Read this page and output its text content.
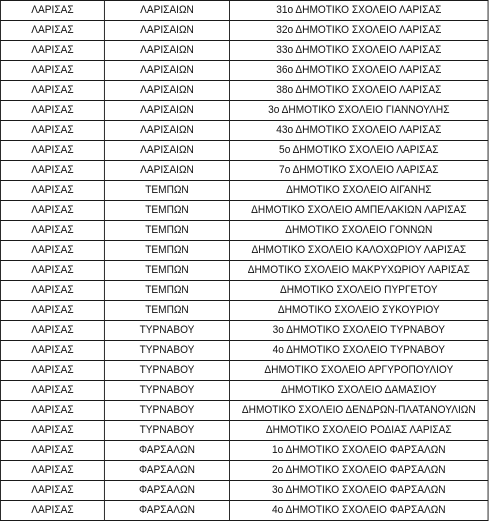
ΛΑΡΙΣΑΣ	ΛΑΡΙΣΑΙΩΝ	31ο ΔΗΜΟΤΙΚΟ ΣΧΟΛΕΙΟ ΛΑΡΙΣΑΣ
ΛΑΡΙΣΑΣ	ΛΑΡΙΣΑΙΩΝ	32ο ΔΗΜΟΤΙΚΟ ΣΧΟΛΕΙΟ ΛΑΡΙΣΑΣ
ΛΑΡΙΣΑΣ	ΛΑΡΙΣΑΙΩΝ	33ο ΔΗΜΟΤΙΚΟ ΣΧΟΛΕΙΟ ΛΑΡΙΣΑΣ
ΛΑΡΙΣΑΣ	ΛΑΡΙΣΑΙΩΝ	36ο ΔΗΜΟΤΙΚΟ ΣΧΟΛΕΙΟ ΛΑΡΙΣΑΣ
ΛΑΡΙΣΑΣ	ΛΑΡΙΣΑΙΩΝ	38ο ΔΗΜΟΤΙΚΟ ΣΧΟΛΕΙΟ ΛΑΡΙΣΑΣ
ΛΑΡΙΣΑΣ	ΛΑΡΙΣΑΙΩΝ	3ο ΔΗΜΟΤΙΚΟ ΣΧΟΛΕΙΟ ΓΙΑΝΝΟΥΛΗΣ
ΛΑΡΙΣΑΣ	ΛΑΡΙΣΑΙΩΝ	43ο ΔΗΜΟΤΙΚΟ ΣΧΟΛΕΙΟ ΛΑΡΙΣΑΣ
ΛΑΡΙΣΑΣ	ΛΑΡΙΣΑΙΩΝ	5ο ΔΗΜΟΤΙΚΟ ΣΧΟΛΕΙΟ ΛΑΡΙΣΑΣ
ΛΑΡΙΣΑΣ	ΛΑΡΙΣΑΙΩΝ	7ο ΔΗΜΟΤΙΚΟ ΣΧΟΛΕΙΟ ΛΑΡΙΣΑΣ
ΛΑΡΙΣΑΣ	ΤΕΜΠΩΝ	ΔΗΜΟΤΙΚΟ ΣΧΟΛΕΙΟ ΑΙΓΑΝΗΣ
ΛΑΡΙΣΑΣ	ΤΕΜΠΩΝ	ΔΗΜΟΤΙΚΟ ΣΧΟΛΕΙΟ ΑΜΠΕΛΑΚΙΩΝ ΛΑΡΙΣΑΣ
ΛΑΡΙΣΑΣ	ΤΕΜΠΩΝ	ΔΗΜΟΤΙΚΟ ΣΧΟΛΕΙΟ ΓΟΝΝΩΝ
ΛΑΡΙΣΑΣ	ΤΕΜΠΩΝ	ΔΗΜΟΤΙΚΟ ΣΧΟΛΕΙΟ ΚΑΛΟΧΩΡΙΟΥ ΛΑΡΙΣΑΣ
ΛΑΡΙΣΑΣ	ΤΕΜΠΩΝ	ΔΗΜΟΤΙΚΟ ΣΧΟΛΕΙΟ ΜΑΚΡΥΧΩΡΙΟΥ ΛΑΡΙΣΑΣ
ΛΑΡΙΣΑΣ	ΤΕΜΠΩΝ	ΔΗΜΟΤΙΚΟ ΣΧΟΛΕΙΟ ΠΥΡΓΕΤΟΥ
ΛΑΡΙΣΑΣ	ΤΕΜΠΩΝ	ΔΗΜΟΤΙΚΟ ΣΧΟΛΕΙΟ ΣΥΚΟΥΡΙΟΥ
ΛΑΡΙΣΑΣ	ΤΥΡΝΑΒΟΥ	3ο ΔΗΜΟΤΙΚΟ ΣΧΟΛΕΙΟ ΤΥΡΝΑΒΟΥ
ΛΑΡΙΣΑΣ	ΤΥΡΝΑΒΟΥ	4ο ΔΗΜΟΤΙΚΟ ΣΧΟΛΕΙΟ ΤΥΡΝΑΒΟΥ
ΛΑΡΙΣΑΣ	ΤΥΡΝΑΒΟΥ	ΔΗΜΟΤΙΚΟ ΣΧΟΛΕΙΟ ΑΡΓΥΡΟΠΟΥΛΙΟΥ
ΛΑΡΙΣΑΣ	ΤΥΡΝΑΒΟΥ	ΔΗΜΟΤΙΚΟ ΣΧΟΛΕΙΟ ΔΑΜΑΣΙΟΥ
ΛΑΡΙΣΑΣ	ΤΥΡΝΑΒΟΥ	ΔΗΜΟΤΙΚΟ ΣΧΟΛΕΙΟ ΔΕΝΔΡΩΝ-ΠΛΑΤΑΝΟΥΛΙΩΝ
ΛΑΡΙΣΑΣ	ΤΥΡΝΑΒΟΥ	ΔΗΜΟΤΙΚΟ ΣΧΟΛΕΙΟ ΡΟΔΙΑΣ ΛΑΡΙΣΑΣ
ΛΑΡΙΣΑΣ	ΦΑΡΣΑΛΩΝ	1ο ΔΗΜΟΤΙΚΟ ΣΧΟΛΕΙΟ ΦΑΡΣΑΛΩΝ
ΛΑΡΙΣΑΣ	ΦΑΡΣΑΛΩΝ	2ο ΔΗΜΟΤΙΚΟ ΣΧΟΛΕΙΟ ΦΑΡΣΑΛΩΝ
ΛΑΡΙΣΑΣ	ΦΑΡΣΑΛΩΝ	3ο ΔΗΜΟΤΙΚΟ ΣΧΟΛΕΙΟ ΦΑΡΣΑΛΩΝ
ΛΑΡΙΣΑΣ	ΦΑΡΣΑΛΩΝ	4ο ΔΗΜΟΤΙΚΟ ΣΧΟΛΕΙΟ ΦΑΡΣΑΛΩΝ
